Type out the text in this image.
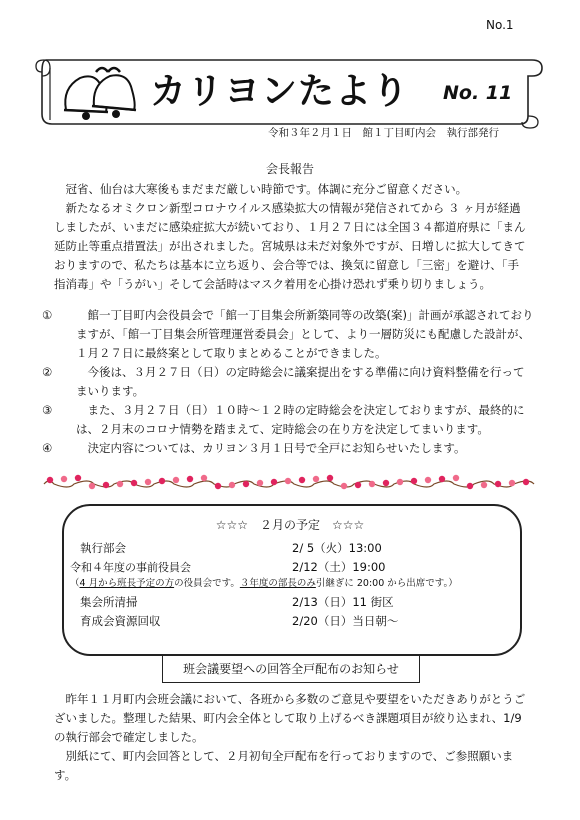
No.1
カリヨンたより No. 11
令和３年２月１日　館１丁目町内会　執行部発行
会長報告

冠省、仙台は大寒後もまだまだ厳しい時節です。体調に充分ご留意ください。

新たなるオミクロン新型コロナウイルス感染拡大の情報が発信されてから ３ ヶ月が経過しましたが、いまだに感染症拡大が続いており、１月２７日には全国３４都道府県に「まん延防止等重点措置法」が出されました。宮城県は未だ対象外ですが、日増しに拡大してきておりますので、私たちは基本に立ち返り、会合等では、換気に留意し「三密」を避け、「手指消毒」や「うがい」そして会話時はマスク着用を心掛け恐れず乗り切りましょう。

①	館一丁目町内会役員会で「館一丁目集会所新築同等の改築(案)」計画が承認されておりますが、「館一丁目集会所管理運営委員会」として、より一層防災にも配慮した設計が、１月２７日に最終案として取りまとめることができました。
②	今後は、３月２７日（日）の定時総会に議案提出をする準備に向け資料整備を行ってまいります。
③	また、３月２７日（日）１０時～１２時の定時総会を決定しておりますが、最終的には、２月末のコロナ情勢を踏まえて、定時総会の在り方を決定してまいります。
④	決定内容については、カリヨン３月１日号で全戸にお知らせいたします。
☆☆☆　２月の予定　☆☆☆
執行部会	2/ 5（火）13:00
令和４年度の事前役員会	2/12（土）19:00
（4 月から班長予定の方の役員会です。３年度の部長のみ引継ぎに 20:00 から出席です。）
集会所清掃	2/13（日）11 街区
育成会資源回収	2/20（日）当日朝～
班会議要望への回答全戸配布のお知らせ

昨年１１月町内会班会議において、各班から多数のご意見や要望をいただきありがとうございました。整理した結果、町内会全体として取り上げるべき課題項目が絞り込まれ、1/9 の執行部会で確定しました。

別紙にて、町内会回答として、２月初旬全戸配布を行っておりますので、ご参照願います。
